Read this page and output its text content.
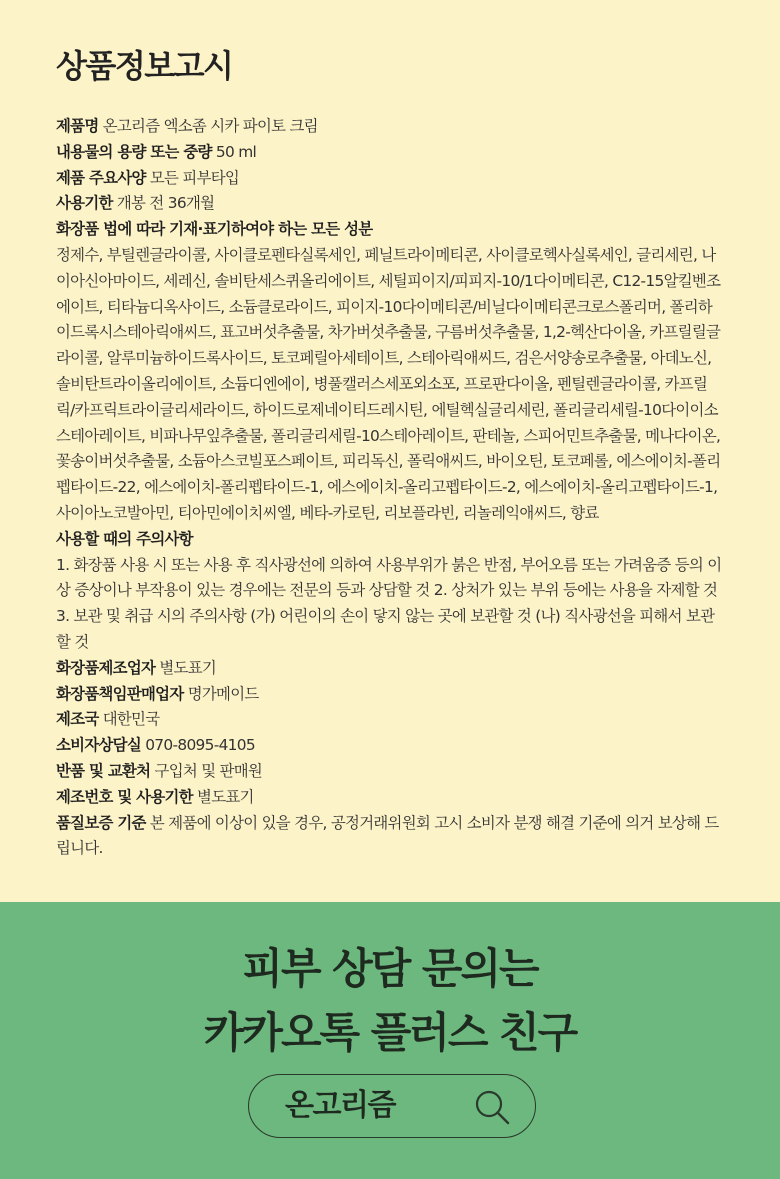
상품정보고시

제품명 온고리즘 엑소좀 시카 파이토 크림

내용물의 용량 또는 중량 50 ml

제품 주요사양 모든 피부타입

사용기한 개봉 전 36개월

화장품 법에 따라 기재·표기하여야 하는 모든 성분
정제수, 부틸렌글라이콜, 사이클로펜타실록세인, 페닐트라이메티콘, 사이클로헥사실록세인, 글리세린, 나이아신아마이드, 세레신, 솔비탄세스퀴올리에이트, 세틸피이지/피피지-10/1다이메티콘, C12-15알킬벤조에이트, 티타늄디옥사이드, 소듐클로라이드, 피이지-10다이메티콘/비닐다이메티콘크로스폴리머, 폴리하이드록시스테아릭애씨드, 표고버섯추출물, 차가버섯추출물, 구름버섯추출물, 1,2-헥산다이올, 카프릴릴글라이콜, 알루미늄하이드록사이드, 토코페릴아세테이트, 스테아릭애씨드, 검은서양송로추출물, 아데노신, 솔비탄트라이올리에이트, 소듐디엔에이, 병풀캘러스세포외소포, 프로판다이올, 펜틸렌글라이콜, 카프릴릭/카프릭트라이글리세라이드, 하이드로제네이티드레시틴, 에틸헥실글리세린, 폴리글리세릴-10다이이소스테아레이트, 비파나무잎추출물, 폴리글리세릴-10스테아레이트, 판테놀, 스피어민트추출물, 메나다이온, 꽃송이버섯추출물, 소듐아스코빌포스페이트, 피리독신, 폴릭애씨드, 바이오틴, 토코페롤, 에스에이치-폴리펩타이드-22, 에스에이치-폴리펩타이드-1, 에스에이치-올리고펩타이드-2, 에스에이치-올리고펩타이드-1, 사이아노코발아민, 티아민에이치씨엘, 베타-카로틴, 리보플라빈, 리놀레익애씨드, 향료

사용할 때의 주의사항
1. 화장품 사용 시 또는 사용 후 직사광선에 의하여 사용부위가 붉은 반점, 부어오름 또는 가려움증 등의 이상 증상이나 부작용이 있는 경우에는 전문의 등과 상담할 것 2. 상처가 있는 부위 등에는 사용을 자제할 것 3. 보관 및 취급 시의 주의사항 (가) 어린이의 손이 닿지 않는 곳에 보관할 것 (나) 직사광선을 피해서 보관할 것

화장품제조업자 별도표기

화장품책임판매업자 명가메이드

제조국 대한민국

소비자상담실 070-8095-4105

반품 및 교환처 구입처 및 판매원

제조번호 및 사용기한 별도표기

품질보증 기준 본 제품에 이상이 있을 경우, 공정거래위원회 고시 소비자 분쟁 해결 기준에 의거 보상해 드립니다.

피부 상담 문의는
카카오톡 플러스 친구
온고리즘
